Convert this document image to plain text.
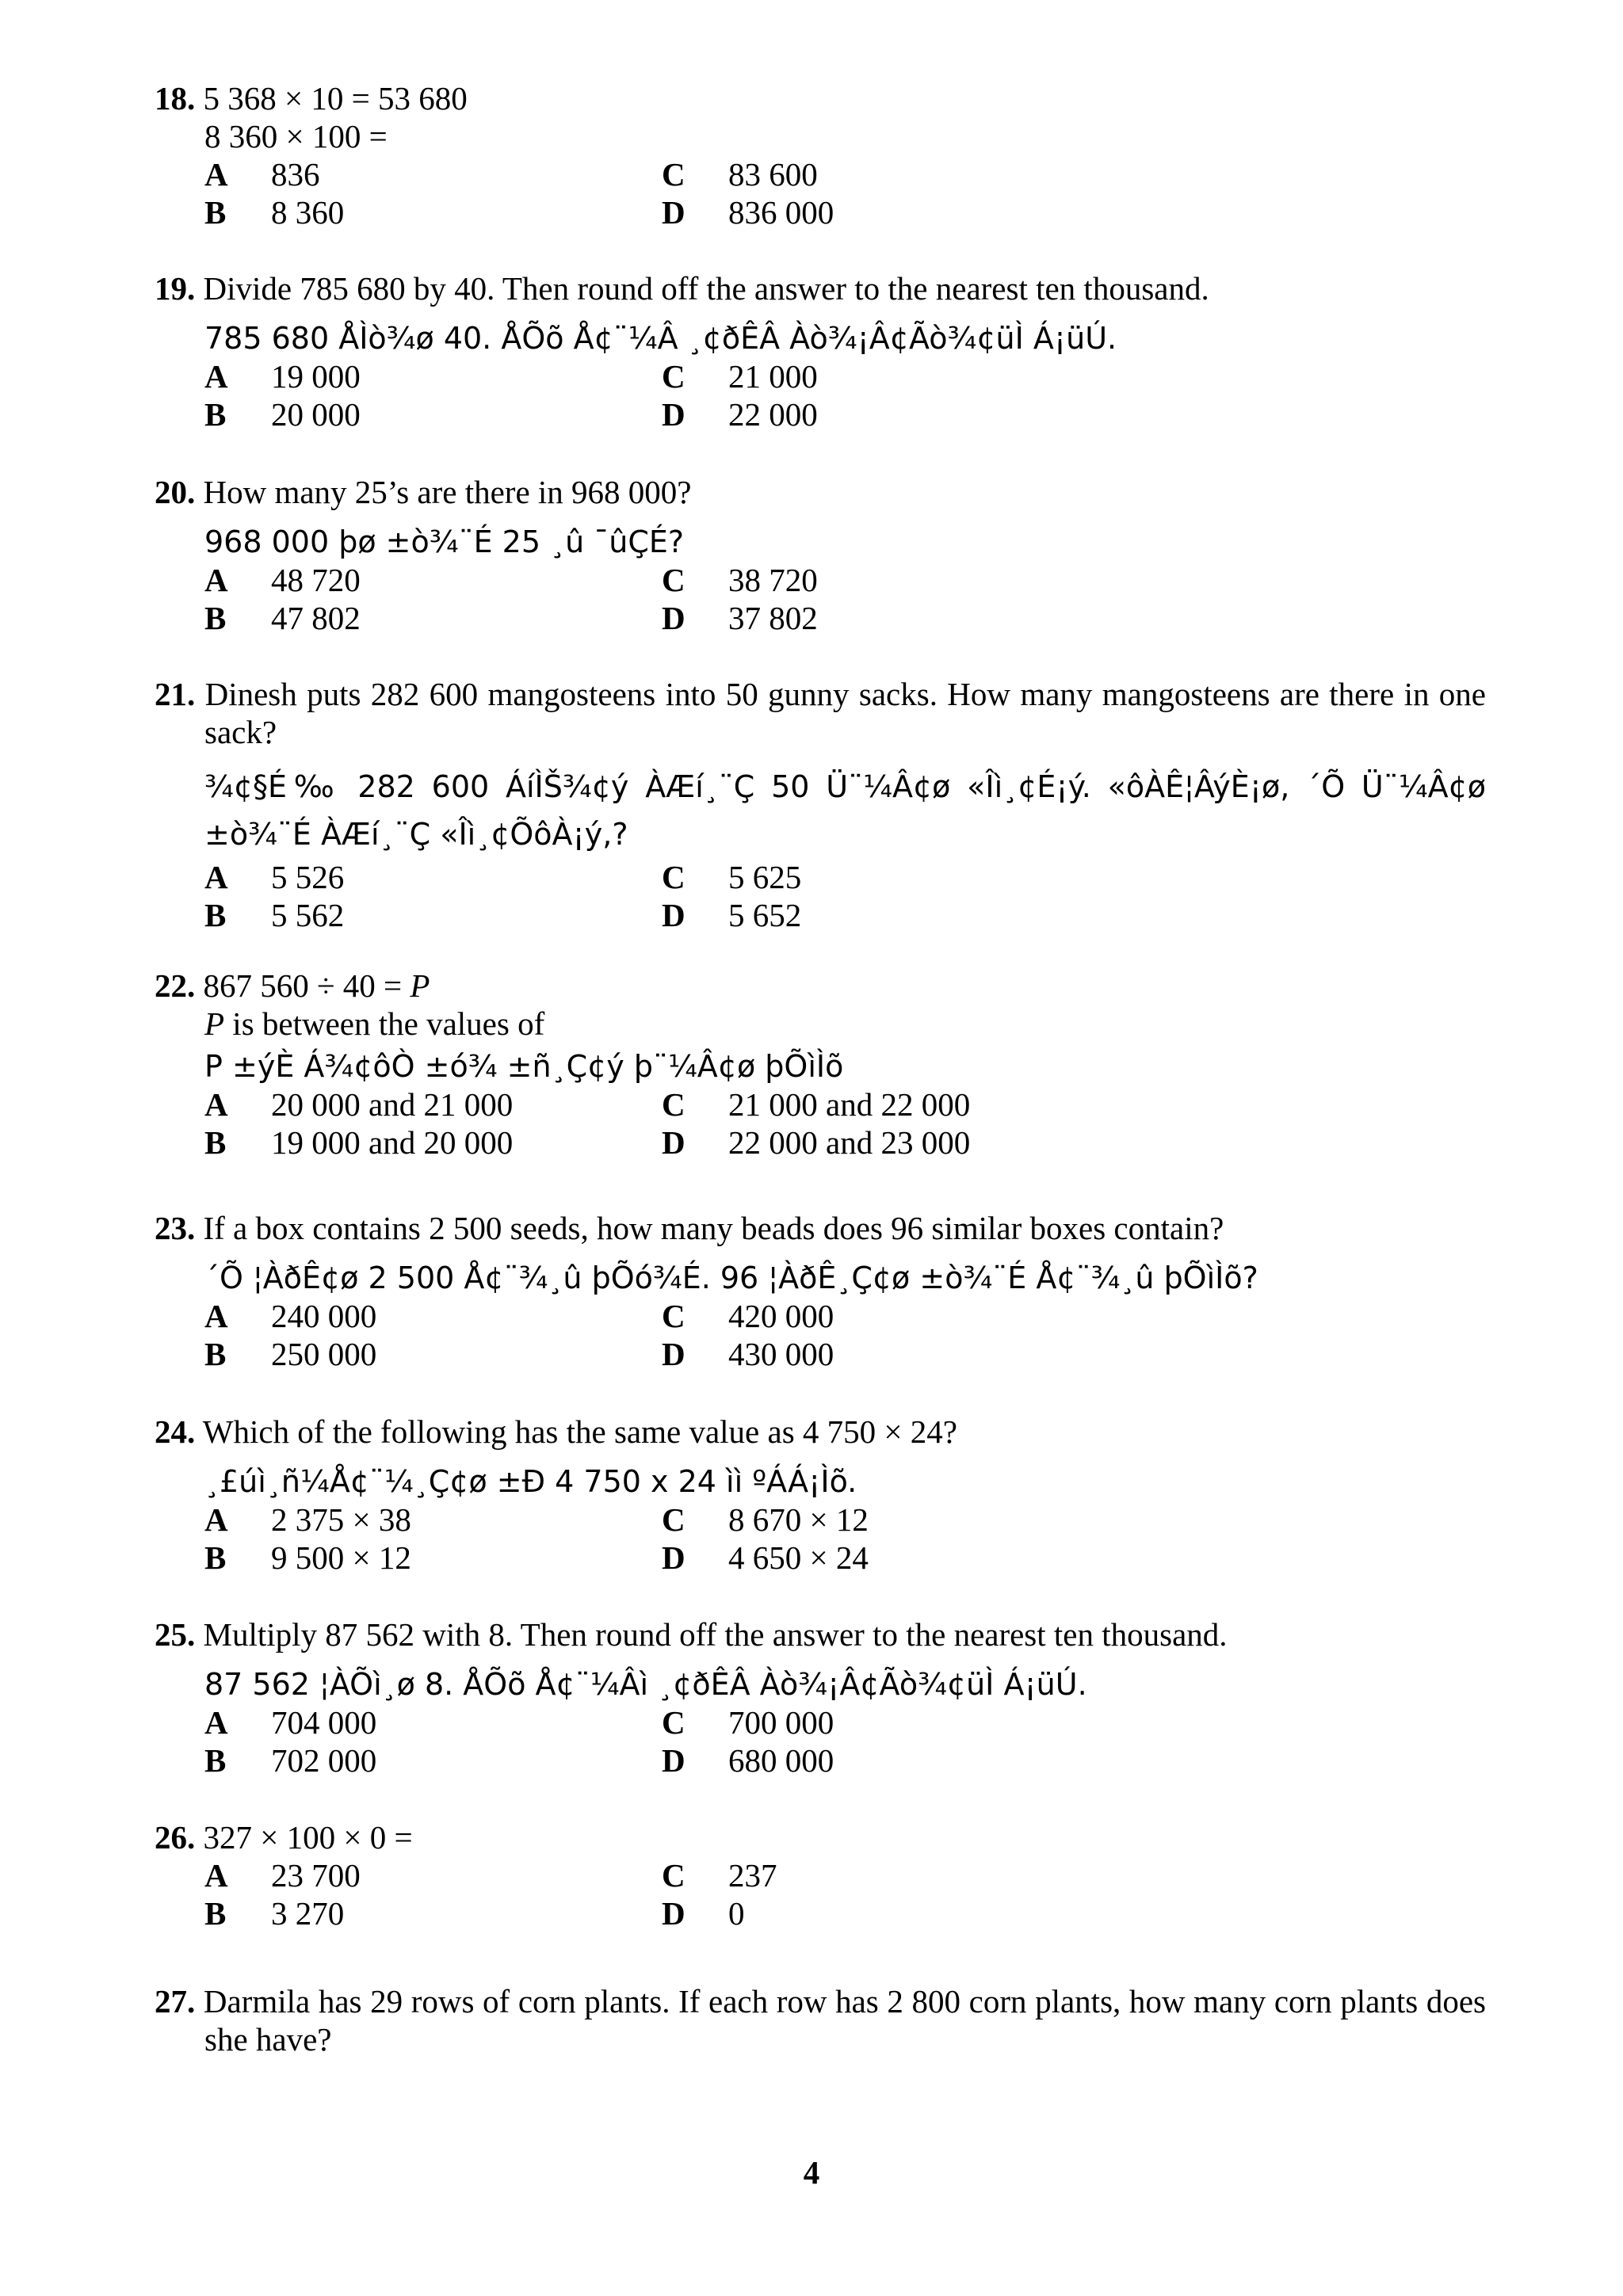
18. 5 368 × 10 = 53 680
8 360 × 100 =
A 836
B 8 360
C 83 600
D 836 000
19. Divide 785 680 by 40. Then round off the answer to the nearest ten thousand.
785 680 ÅÌò¾ø 40. ÅÕõ Å¢¨¼Â ¸¢ðÊÂ Àò¾¡Â¢Ãò¾¢üÌ Á¡üÚ.
A 19 000
B 20 000
C 21 000
D 22 000
20. How many 25’s are there in 968 000?
968 000 þø ±ò¾¨É 25 ¸û ¯ûÇÉ?
A 48 720
B 47 802
C 38 720
D 37 802
21. Dinesh puts 282 600 mangosteens into 50 gunny sacks. How many mangosteens are there in one sack?
¾¢§É‰ 282 600 ÁíÌŠ¾¢ý ÀÆí¸¨Ç 50 Ü¨¼Â¢ø «Îì¸¢É¡ý. «ôÀÊ¦ÂýÈ¡ø, ´Õ Ü¨¼Â¢ø ±ò¾¨É ÀÆí¸¨Ç «Îì¸¢ÕôÀ¡ý,?
A 5 526
B 5 562
C 5 625
D 5 652
22. 867 560 ÷ 40 = P
P is between the values of
P ±ýÈ Á¾¢ôÒ ±ó¾ ±ñ¸Ç¢ý þ¨¼Â¢ø þÕìÌõ
A 20 000 and 21 000
B 19 000 and 20 000
C 21 000 and 22 000
D 22 000 and 23 000
23. If a box contains 2 500 seeds, how many beads does 96 similar boxes contain?
´Õ ¦ÀðÊ¢ø 2 500 Å¢¨¾¸û þÕó¾É. 96 ¦ÀðÊ¸Ç¢ø ±ò¾¨É Å¢¨¾¸û þÕìÌõ?
A 240 000
B 250 000
C 420 000
D 430 000
24. Which of the following has the same value as 4 750 × 24?
¸£úì¸ñ¼Å¢¨¼¸Ç¢ø ±Ð 4 750 x 24 ìì ºÁÁ¡Ìõ.
A 2 375 × 38
B 9 500 × 12
C 8 670 × 12
D 4 650 × 24
25. Multiply 87 562 with 8. Then round off the answer to the nearest ten thousand.
87 562 ¦ÀÕì¸ø 8. ÅÕõ Å¢¨¼Âì ¸¢ðÊÂ Àò¾¡Â¢Ãò¾¢üÌ Á¡üÚ.
A 704 000
B 702 000
C 700 000
D 680 000
26. 327 × 100 × 0 =
A 23 700
B 3 270
C 237
D 0
27. Darmila has 29 rows of corn plants. If each row has 2 800 corn plants, how many corn plants does she have?
4
